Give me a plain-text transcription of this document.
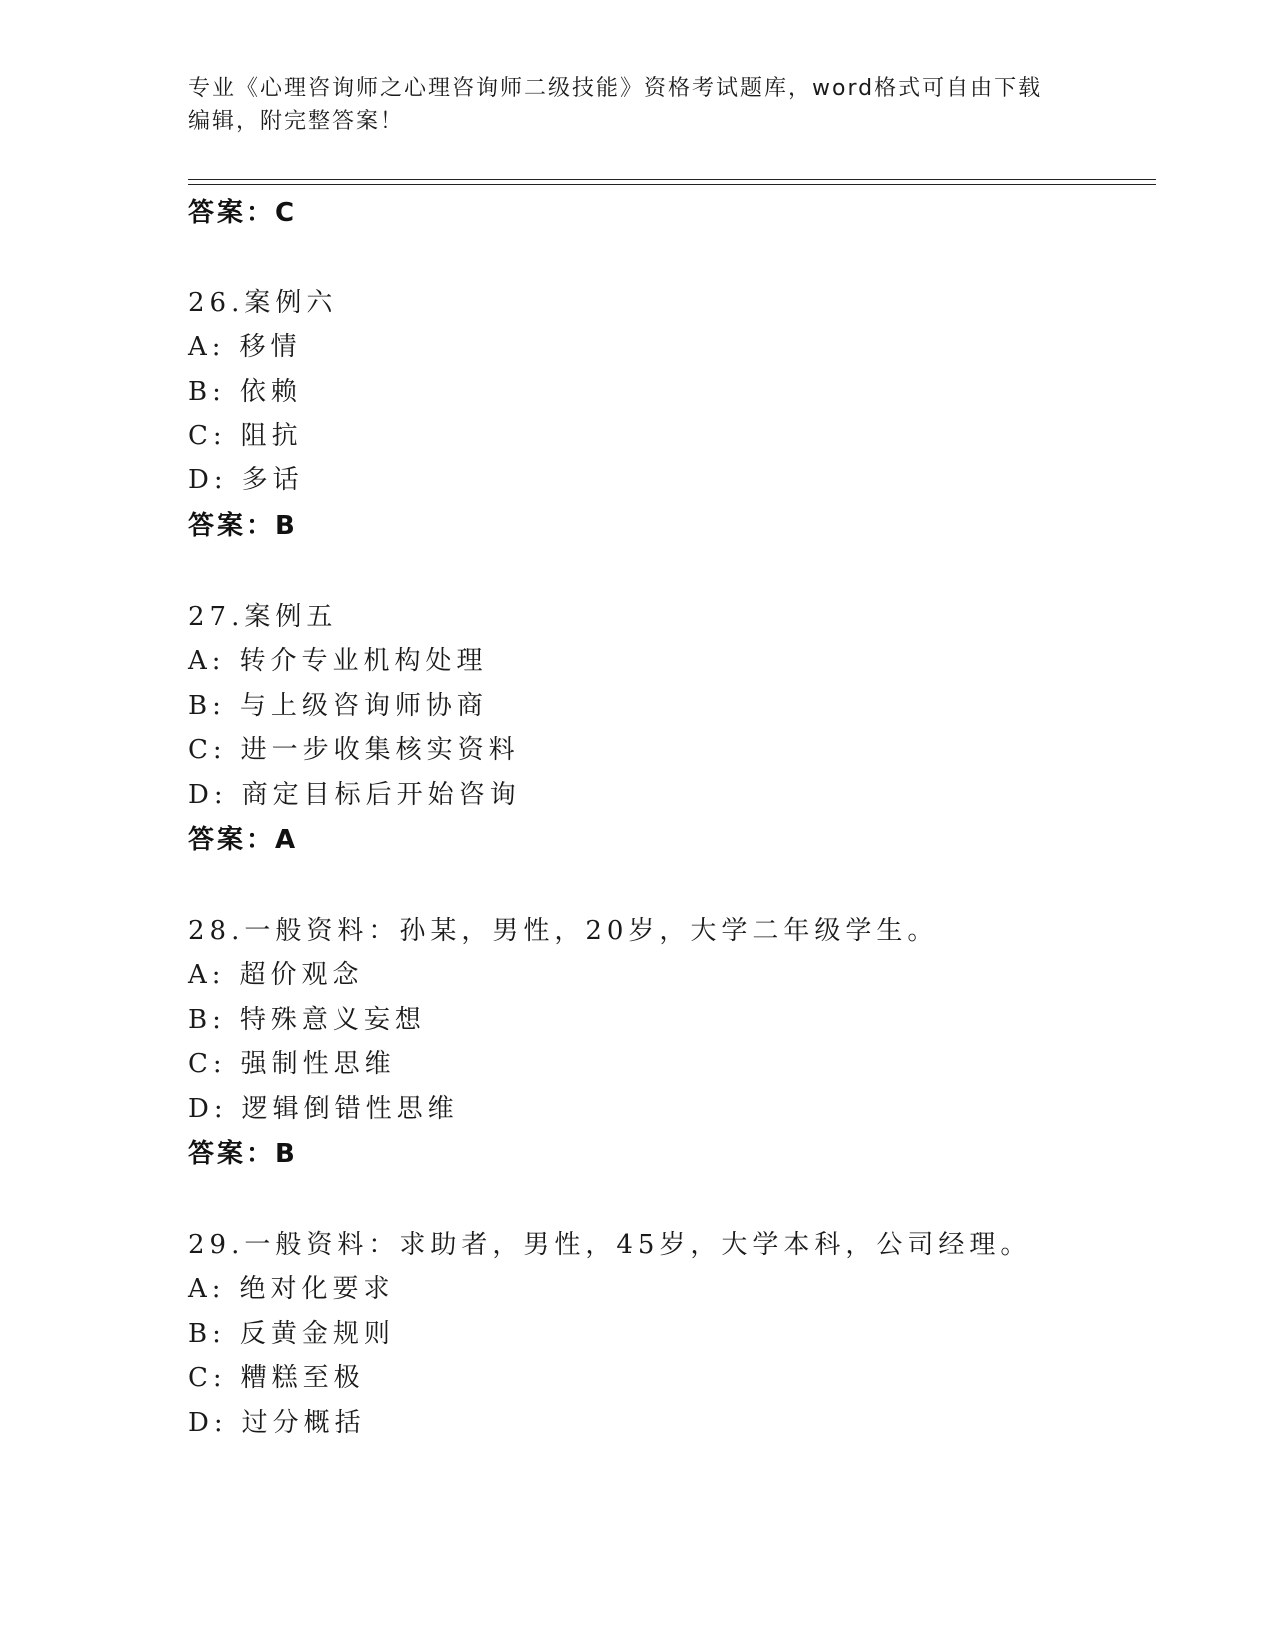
专业《心理咨询师之心理咨询师二级技能》资格考试题库，word格式可自由下载
编辑，附完整答案！
答案：C
26.案例六
A: 移情
B: 依赖
C: 阻抗
D: 多话
答案：B
27.案例五
A: 转介专业机构处理
B: 与上级咨询师协商
C: 进一步收集核实资料
D: 商定目标后开始咨询
答案：A
28.一般资料：孙某，男性，20岁，大学二年级学生。
A: 超价观念
B: 特殊意义妄想
C: 强制性思维
D: 逻辑倒错性思维
答案：B
29.一般资料：求助者，男性，45岁，大学本科，公司经理。
A: 绝对化要求
B: 反黄金规则
C: 糟糕至极
D: 过分概括
